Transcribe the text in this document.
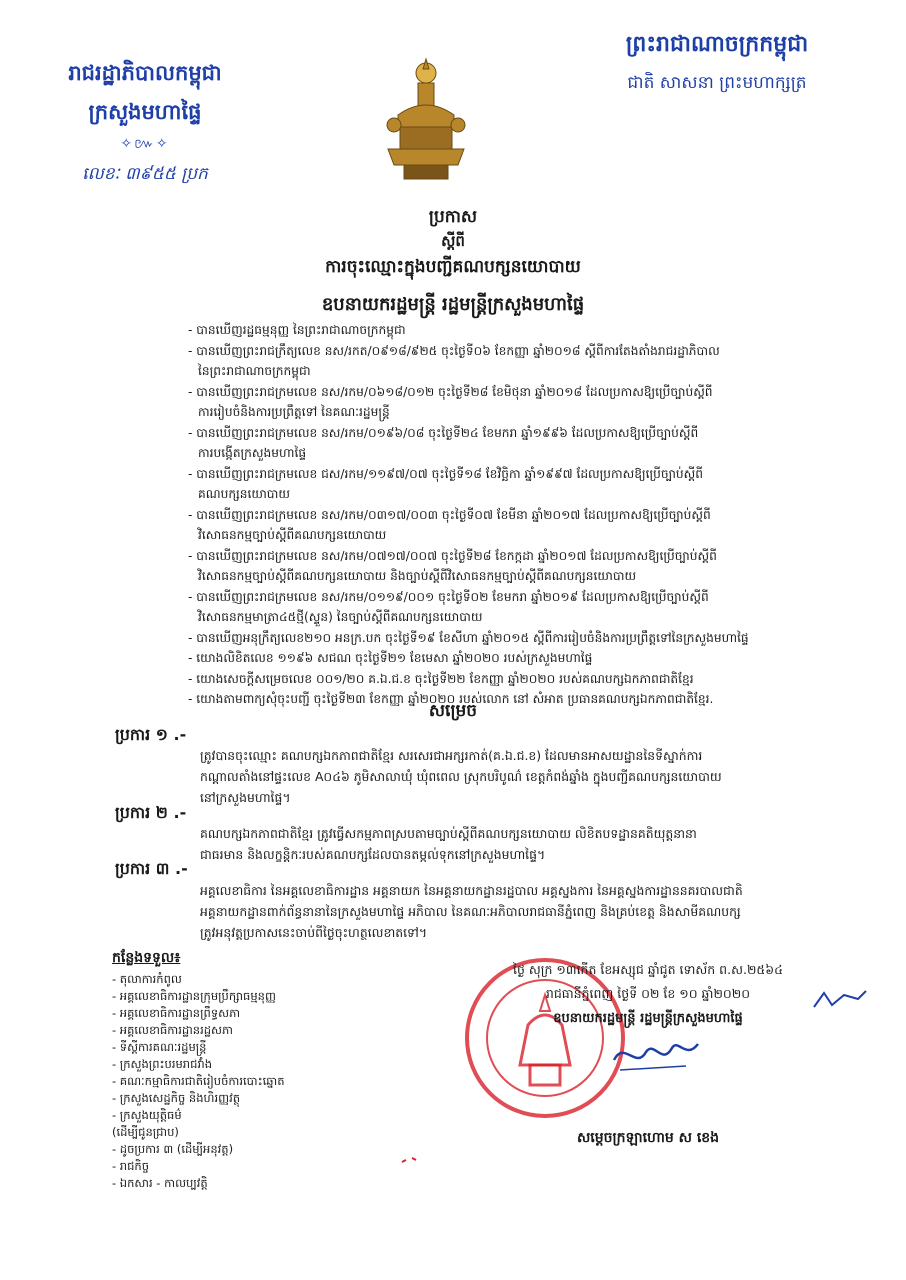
រាជរដ្ឋាភិបាលកម្ពុជា
ក្រសួងមហាផ្ទៃ
✧៚✧
លេខៈ ៣៩៥៥ ប្រក
ព្រះរាជាណាចក្រកម្ពុជា
ជាតិ សាសនា ព្រះមហាក្សត្រ
ប្រកាស
ស្តីពី
ការចុះឈ្មោះក្នុងបញ្ជីគណបក្សនយោបាយ
ឧបនាយករដ្ឋមន្ត្រី រដ្ឋមន្ត្រីក្រសួងមហាផ្ទៃ
- បានឃើញរដ្ឋធម្មនុញ្ញ នៃព្រះរាជាណាចក្រកម្ពុជា
- បានឃើញព្រះរាជក្រឹត្យលេខ នស/រកត/០៩១៨/៩២៥ ចុះថ្ងៃទី០៦ ខែកញ្ញា ឆ្នាំ២០១៨ ស្តីពីការតែងតាំងរាជរដ្ឋាភិបាល
នៃព្រះរាជាណាចក្រកម្ពុជា
- បានឃើញព្រះរាជក្រមលេខ នស/រកម/០៦១៨/០១២ ចុះថ្ងៃទី២៨ ខែមិថុនា ឆ្នាំ២០១៨ ដែលប្រកាសឱ្យប្រើច្បាប់ស្តីពី
ការរៀបចំនិងការប្រព្រឹត្តទៅ នៃគណៈរដ្ឋមន្ត្រី
- បានឃើញព្រះរាជក្រមលេខ នស/រកម/០១៩៦/០៨ ចុះថ្ងៃទី២៤ ខែមករា ឆ្នាំ១៩៩៦ ដែលប្រកាសឱ្យប្រើច្បាប់ស្តីពី
ការបង្កើតក្រសួងមហាផ្ទៃ
- បានឃើញព្រះរាជក្រមលេខ ជស/រកម/១១៩៧/០៧ ចុះថ្ងៃទី១៨ ខែវិច្ឆិកា ឆ្នាំ១៩៩៧ ដែលប្រកាសឱ្យប្រើច្បាប់ស្តីពី
គណបក្សនយោបាយ
- បានឃើញព្រះរាជក្រមលេខ នស/រកម/០៣១៧/០០៣ ចុះថ្ងៃទី០៧ ខែមីនា ឆ្នាំ២០១៧ ដែលប្រកាសឱ្យប្រើច្បាប់ស្តីពី
វិសោធនកម្មច្បាប់ស្តីពីគណបក្សនយោបាយ
- បានឃើញព្រះរាជក្រមលេខ នស/រកម/០៧១៧/០០៧ ចុះថ្ងៃទី២៨ ខែកក្កដា ឆ្នាំ២០១៧ ដែលប្រកាសឱ្យប្រើច្បាប់ស្តីពី
វិសោធនកម្មច្បាប់ស្តីពីគណបក្សនយោបាយ និងច្បាប់ស្តីពីវិសោធនកម្មច្បាប់ស្តីពីគណបក្សនយោបាយ
- បានឃើញព្រះរាជក្រមលេខ នស/រកម/០១១៩/០០១ ចុះថ្ងៃទី០២ ខែមករា ឆ្នាំ២០១៩ ដែលប្រកាសឱ្យប្រើច្បាប់ស្តីពី
វិសោធនកម្មមាត្រា៤៥ថ្មី(ស្ទួន) នៃច្បាប់ស្តីពីគណបក្សនយោបាយ
- បានឃើញអនុក្រឹត្យលេខ២១០ អនក្រ.បក ចុះថ្ងៃទី១៩ ខែសីហា ឆ្នាំ២០១៥ ស្តីពីការរៀបចំនិងការប្រព្រឹត្តទៅនៃក្រសួងមហាផ្ទៃ
- យោងលិខិតលេខ ១១៩៦ សជណ ចុះថ្ងៃទី២១ ខែមេសា ឆ្នាំ២០២០ របស់ក្រសួងមហាផ្ទៃ
- យោងសេចក្តីសម្រេចលេខ ០០១/២០ គ.ឯ.ជ.ខ ចុះថ្ងៃទី២២ ខែកញ្ញា ឆ្នាំ២០២០ របស់គណបក្សឯកភាពជាតិខ្មែរ
- យោងតាមពាក្យសុំចុះបញ្ជី ចុះថ្ងៃទី២៣ ខែកញ្ញា ឆ្នាំ២០២០ របស់លោក នៅ សំអាត ប្រធានគណបក្សឯកភាពជាតិខ្មែរ.
សម្រេច
ប្រការ ១ .-
ត្រូវបានចុះឈ្មោះ គណបក្សឯកភាពជាតិខ្មែរ សរសេរជាអក្សរកាត់(គ.ឯ.ជ.ខ) ដែលមានអាសយដ្ឋាននៃទីស្នាក់ការ
កណ្តាលតាំងនៅផ្ទះលេខ A០៤៦ ភូមិសាលាឃុំ ឃុំពពេល ស្រុកបរិបូណ៌ ខេត្តកំពង់ឆ្នាំង ក្នុងបញ្ជីគណបក្សនយោបាយ
នៅក្រសួងមហាផ្ទៃ។
ប្រការ ២ .-
គណបក្សឯកភាពជាតិខ្មែរ ត្រូវធ្វើសកម្មភាពស្របតាមច្បាប់ស្តីពីគណបក្សនយោបាយ លិខិតបទដ្ឋានគតិយុត្តនានា
ជាធរមាន និងលក្ខន្តិកៈរបស់គណបក្សដែលបានតម្កល់ទុកនៅក្រសួងមហាផ្ទៃ។
ប្រការ ៣ .-
អគ្គលេខាធិការ នៃអគ្គលេខាធិការដ្ឋាន អគ្គនាយក នៃអគ្គនាយកដ្ឋានរដ្ឋបាល អគ្គស្នងការ នៃអគ្គស្នងការដ្ឋាននគរបាលជាតិ
អគ្គនាយកដ្ឋានពាក់ព័ន្ធនានានៃក្រសួងមហាផ្ទៃ អភិបាល នៃគណៈអភិបាលរាជធានីភ្នំពេញ និងគ្រប់ខេត្ត និងសាមីគណបក្ស
ត្រូវអនុវត្តប្រកាសនេះចាប់ពីថ្ងៃចុះហត្ថលេខាតទៅ។
ថ្ងៃ សុក្រ ១៣កើត ខែអស្សុជ ឆ្នាំជូត ទោស័ក ព.ស.២៥៦៤
រាជធានីភ្នំពេញ ថ្ងៃទី ០២ ខែ ១០ ឆ្នាំ២០២០
ឧបនាយករដ្ឋមន្ត្រី រដ្ឋមន្ត្រីក្រសួងមហាផ្ទៃ
សម្តេចក្រឡាហោម ស ខេង
កន្លែងទទួល៖
- តុលាការកំពូល
- អគ្គលេខាធិការដ្ឋានក្រុមប្រឹក្សាធម្មនុញ្ញ
- អគ្គលេខាធិការដ្ឋានព្រឹទ្ធសភា
- អគ្គលេខាធិការដ្ឋានរដ្ឋសភា
- ទីស្តីការគណៈរដ្ឋមន្ត្រី
- ក្រសួងព្រះបរមរាជវាំង
- គណៈកម្មាធិការជាតិរៀបចំការបោះឆ្នោត
- ក្រសួងសេដ្ឋកិច្ច និងហិរញ្ញវត្ថុ
- ក្រសួងយុត្តិធម៌
(ដើម្បីជូនជ្រាប)
- ដូចប្រការ ៣ (ដើម្បីអនុវត្ត)
- រាជកិច្ច
- ឯកសារ - កាលប្បវត្តិ
